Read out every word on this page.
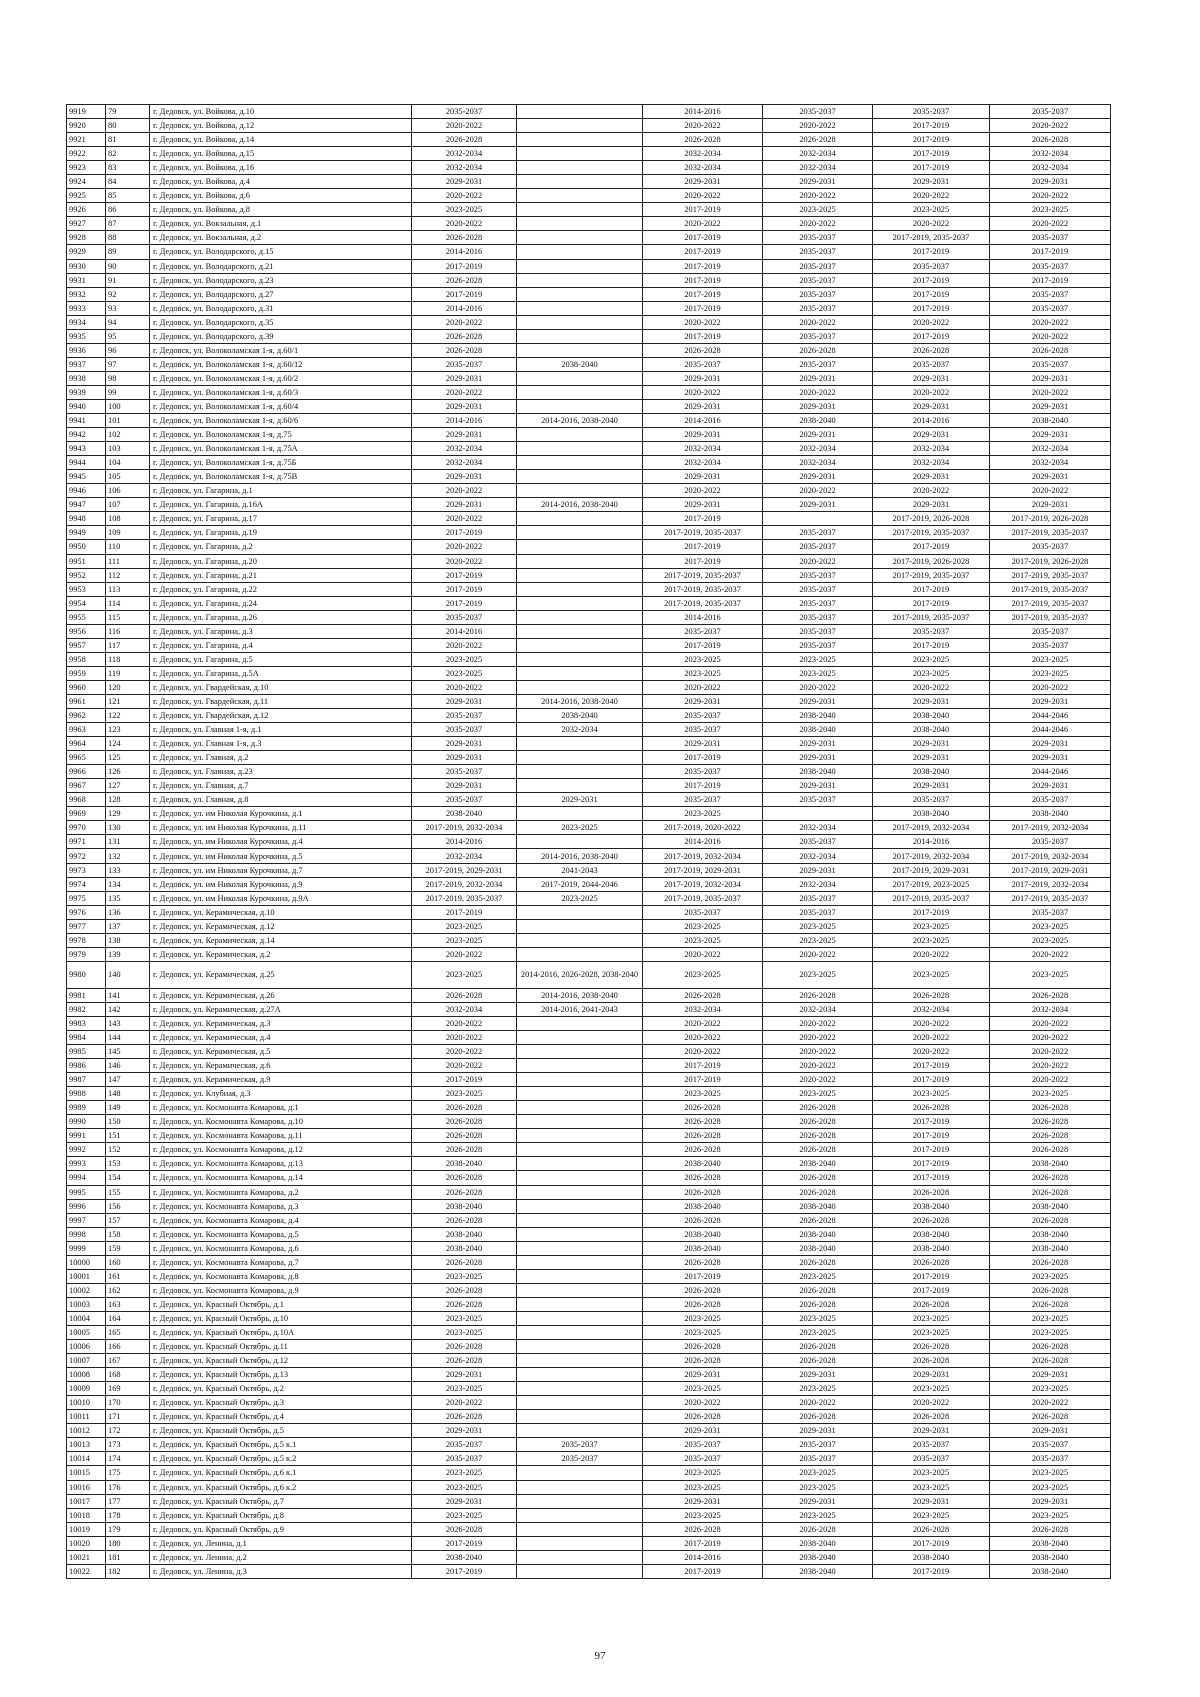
9919	79	г. Дедовск, ул. Войкова, д.10	2035-2037		2014-2016	2035-2037	2035-2037	2035-2037
9920	80	г. Дедовск, ул. Войкова, д.12	2020-2022		2020-2022	2020-2022	2017-2019	2020-2022
9921	81	г. Дедовск, ул. Войкова, д.14	2026-2028		2026-2028	2026-2028	2017-2019	2026-2028
9922	82	г. Дедовск, ул. Войкова, д.15	2032-2034		2032-2034	2032-2034	2017-2019	2032-2034
9923	83	г. Дедовск, ул. Войкова, д.16	2032-2034		2032-2034	2032-2034	2017-2019	2032-2034
9924	84	г. Дедовск, ул. Войкова, д.4	2029-2031		2029-2031	2029-2031	2029-2031	2029-2031
9925	85	г. Дедовск, ул. Войкова, д.6	2020-2022		2020-2022	2020-2022	2020-2022	2020-2022
9926	86	г. Дедовск, ул. Войкова, д.8	2023-2025		2017-2019	2023-2025	2023-2025	2023-2025
9927	87	г. Дедовск, ул. Вокзальная, д.1	2020-2022		2020-2022	2020-2022	2020-2022	2020-2022
9928	88	г. Дедовск, ул. Вокзальная, д.2	2026-2028		2017-2019	2035-2037	2017-2019, 2035-2037	2035-2037
9929	89	г. Дедовск, ул. Володарского, д.15	2014-2016		2017-2019	2035-2037	2017-2019	2017-2019
9930	90	г. Дедовск, ул. Володарского, д.21	2017-2019		2017-2019	2035-2037	2035-2037	2035-2037
9931	91	г. Дедовск, ул. Володарского, д.23	2026-2028		2017-2019	2035-2037	2017-2019	2017-2019
9932	92	г. Дедовск, ул. Володарского, д.27	2017-2019		2017-2019	2035-2037	2017-2019	2035-2037
9933	93	г. Дедовск, ул. Володарского, д.31	2014-2016		2017-2019	2035-2037	2017-2019	2035-2037
9934	94	г. Дедовск, ул. Володарского, д.35	2020-2022		2020-2022	2020-2022	2020-2022	2020-2022
9935	95	г. Дедовск, ул. Володарского, д.39	2026-2028		2017-2019	2035-2037	2017-2019	2020-2022
9936	96	г. Дедовск, ул. Волоколамская 1-я, д.60/1	2026-2028		2026-2028	2026-2028	2026-2028	2026-2028
9937	97	г. Дедовск, ул. Волоколамская 1-я, д.60/12	2035-2037	2038-2040	2035-2037	2035-2037	2035-2037	2035-2037
9938	98	г. Дедовск, ул. Волоколамская 1-я, д.60/2	2029-2031		2029-2031	2029-2031	2029-2031	2029-2031
9939	99	г. Дедовск, ул. Волоколамская 1-я, д.60/3	2020-2022		2020-2022	2020-2022	2020-2022	2020-2022
9940	100	г. Дедовск, ул. Волоколамская 1-я, д.60/4	2029-2031		2029-2031	2029-2031	2029-2031	2029-2031
9941	101	г. Дедовск, ул. Волоколамская 1-я, д.60/6	2014-2016	2014-2016, 2038-2040	2014-2016	2038-2040	2014-2016	2038-2040
9942	102	г. Дедовск, ул. Волоколамская 1-я, д.75	2029-2031		2029-2031	2029-2031	2029-2031	2029-2031
9943	103	г. Дедовск, ул. Волоколамская 1-я, д.75А	2032-2034		2032-2034	2032-2034	2032-2034	2032-2034
9944	104	г. Дедовск, ул. Волоколамская 1-я, д.75Б	2032-2034		2032-2034	2032-2034	2032-2034	2032-2034
9945	105	г. Дедовск, ул. Волоколамская 1-я, д.75В	2029-2031		2029-2031	2029-2031	2029-2031	2029-2031
9946	106	г. Дедовск, ул. Гагарина, д.1	2020-2022		2020-2022	2020-2022	2020-2022	2020-2022
9947	107	г. Дедовск, ул. Гагарина, д.16А	2029-2031	2014-2016, 2038-2040	2029-2031	2029-2031	2029-2031	2029-2031
9948	108	г. Дедовск, ул. Гагарина, д.17	2020-2022		2017-2019		2017-2019, 2026-2028	2017-2019, 2026-2028
9949	109	г. Дедовск, ул. Гагарина, д.19	2017-2019		2017-2019, 2035-2037	2035-2037	2017-2019, 2035-2037	2017-2019, 2035-2037
9950	110	г. Дедовск, ул. Гагарина, д.2	2020-2022		2017-2019	2035-2037	2017-2019	2035-2037
9951	111	г. Дедовск, ул. Гагарина, д.20	2020-2022		2017-2019	2020-2022	2017-2019, 2026-2028	2017-2019, 2026-2028
9952	112	г. Дедовск, ул. Гагарина, д.21	2017-2019		2017-2019, 2035-2037	2035-2037	2017-2019, 2035-2037	2017-2019, 2035-2037
9953	113	г. Дедовск, ул. Гагарина, д.22	2017-2019		2017-2019, 2035-2037	2035-2037	2017-2019	2017-2019, 2035-2037
9954	114	г. Дедовск, ул. Гагарина, д.24	2017-2019		2017-2019, 2035-2037	2035-2037	2017-2019	2017-2019, 2035-2037
9955	115	г. Дедовск, ул. Гагарина, д.26	2035-2037		2014-2016	2035-2037	2017-2019, 2035-2037	2017-2019, 2035-2037
9956	116	г. Дедовск, ул. Гагарина, д.3	2014-2016		2035-2037	2035-2037	2035-2037	2035-2037
9957	117	г. Дедовск, ул. Гагарина, д.4	2020-2022		2017-2019	2035-2037	2017-2019	2035-2037
9958	118	г. Дедовск, ул. Гагарина, д.5	2023-2025		2023-2025	2023-2025	2023-2025	2023-2025
9959	119	г. Дедовск, ул. Гагарина, д.5А	2023-2025		2023-2025	2023-2025	2023-2025	2023-2025
9960	120	г. Дедовск, ул. Гвардейская, д.10	2020-2022		2020-2022	2020-2022	2020-2022	2020-2022
9961	121	г. Дедовск, ул. Гвардейская, д.11	2029-2031	2014-2016, 2038-2040	2029-2031	2029-2031	2029-2031	2029-2031
9962	122	г. Дедовск, ул. Гвардейская, д.12	2035-2037	2038-2040	2035-2037	2038-2040	2038-2040	2044-2046
9963	123	г. Дедовск, ул. Главная 1-я, д.1	2035-2037	2032-2034	2035-2037	2038-2040	2038-2040	2044-2046
9964	124	г. Дедовск, ул. Главная 1-я, д.3	2029-2031		2029-2031	2029-2031	2029-2031	2029-2031
9965	125	г. Дедовск, ул. Главная, д.2	2029-2031		2017-2019	2029-2031	2029-2031	2029-2031
9966	126	г. Дедовск, ул. Главная, д.23	2035-2037		2035-2037	2038-2040	2038-2040	2044-2046
9967	127	г. Дедовск, ул. Главная, д.7	2029-2031		2017-2019	2029-2031	2029-2031	2029-2031
9968	128	г. Дедовск, ул. Главная, д.8	2035-2037	2029-2031	2035-2037	2035-2037	2035-2037	2035-2037
9969	129	г. Дедовск, ул. им Николая Курочкина, д.1	2038-2040		2023-2025		2038-2040	2038-2040
9970	130	г. Дедовск, ул. им Николая Курочкина, д.11	2017-2019, 2032-2034	2023-2025	2017-2019, 2020-2022	2032-2034	2017-2019, 2032-2034	2017-2019, 2032-2034
9971	131	г. Дедовск, ул. им Николая Курочкина, д.4	2014-2016		2014-2016	2035-2037	2014-2016	2035-2037
9972	132	г. Дедовск, ул. им Николая Курочкина, д.5	2032-2034	2014-2016, 2038-2040	2017-2019, 2032-2034	2032-2034	2017-2019, 2032-2034	2017-2019, 2032-2034
9973	133	г. Дедовск, ул. им Николая Курочкина, д.7	2017-2019, 2029-2031	2041-2043	2017-2019, 2029-2031	2029-2031	2017-2019, 2029-2031	2017-2019, 2029-2031
9974	134	г. Дедовск, ул. им Николая Курочкина, д.9	2017-2019, 2032-2034	2017-2019, 2044-2046	2017-2019, 2032-2034	2032-2034	2017-2019, 2023-2025	2017-2019, 2032-2034
9975	135	г. Дедовск, ул. им Николая Курочкина, д.9А	2017-2019, 2035-2037	2023-2025	2017-2019, 2035-2037	2035-2037	2017-2019, 2035-2037	2017-2019, 2035-2037
9976	136	г. Дедовск, ул. Керамическая, д.10	2017-2019		2035-2037	2035-2037	2017-2019	2035-2037
9977	137	г. Дедовск, ул. Керамическая, д.12	2023-2025		2023-2025	2023-2025	2023-2025	2023-2025
9978	138	г. Дедовск, ул. Керамическая, д.14	2023-2025		2023-2025	2023-2025	2023-2025	2023-2025
9979	139	г. Дедовск, ул. Керамическая, д.2	2020-2022		2020-2022	2020-2022	2020-2022	2020-2022
9980	140	г. Дедовск, ул. Керамическая, д.25	2023-2025	2014-2016, 2026-2028, 2038-2040	2023-2025	2023-2025	2023-2025	2023-2025
9981	141	г. Дедовск, ул. Керамическая, д.26	2026-2028	2014-2016, 2038-2040	2026-2028	2026-2028	2026-2028	2026-2028
9982	142	г. Дедовск, ул. Керамическая, д.27А	2032-2034	2014-2016, 2041-2043	2032-2034	2032-2034	2032-2034	2032-2034
9983	143	г. Дедовск, ул. Керамическая, д.3	2020-2022		2020-2022	2020-2022	2020-2022	2020-2022
9984	144	г. Дедовск, ул. Керамическая, д.4	2020-2022		2020-2022	2020-2022	2020-2022	2020-2022
9985	145	г. Дедовск, ул. Керамическая, д.5	2020-2022		2020-2022	2020-2022	2020-2022	2020-2022
9986	146	г. Дедовск, ул. Керамическая, д.6	2020-2022		2017-2019	2020-2022	2017-2019	2020-2022
9987	147	г. Дедовск, ул. Керамическая, д.9	2017-2019		2017-2019	2020-2022	2017-2019	2020-2022
9988	148	г. Дедовск, ул. Клубная, д.3	2023-2025		2023-2025	2023-2025	2023-2025	2023-2025
9989	149	г. Дедовск, ул. Космонавта Комарова, д.1	2026-2028		2026-2028	2026-2028	2026-2028	2026-2028
9990	150	г. Дедовск, ул. Космонавта Комарова, д.10	2026-2028		2026-2028	2026-2028	2017-2019	2026-2028
9991	151	г. Дедовск, ул. Космонавта Комарова, д.11	2026-2028		2026-2028	2026-2028	2017-2019	2026-2028
9992	152	г. Дедовск, ул. Космонавта Комарова, д.12	2026-2028		2026-2028	2026-2028	2017-2019	2026-2028
9993	153	г. Дедовск, ул. Космонавта Комарова, д.13	2038-2040		2038-2040	2038-2040	2017-2019	2038-2040
9994	154	г. Дедовск, ул. Космонавта Комарова, д.14	2026-2028		2026-2028	2026-2028	2017-2019	2026-2028
9995	155	г. Дедовск, ул. Космонавта Комарова, д.2	2026-2028		2026-2028	2026-2028	2026-2028	2026-2028
9996	156	г. Дедовск, ул. Космонавта Комарова, д.3	2038-2040		2038-2040	2038-2040	2038-2040	2038-2040
9997	157	г. Дедовск, ул. Космонавта Комарова, д.4	2026-2028		2026-2028	2026-2028	2026-2028	2026-2028
9998	158	г. Дедовск, ул. Космонавта Комарова, д.5	2038-2040		2038-2040	2038-2040	2038-2040	2038-2040
9999	159	г. Дедовск, ул. Космонавта Комарова, д.6	2038-2040		2038-2040	2038-2040	2038-2040	2038-2040
10000	160	г. Дедовск, ул. Космонавта Комарова, д.7	2026-2028		2026-2028	2026-2028	2026-2028	2026-2028
10001	161	г. Дедовск, ул. Космонавта Комарова, д.8	2023-2025		2017-2019	2023-2025	2017-2019	2023-2025
10002	162	г. Дедовск, ул. Космонавта Комарова, д.9	2026-2028		2026-2028	2026-2028	2017-2019	2026-2028
10003	163	г. Дедовск, ул. Красный Октябрь, д.1	2026-2028		2026-2028	2026-2028	2026-2028	2026-2028
10004	164	г. Дедовск, ул. Красный Октябрь, д.10	2023-2025		2023-2025	2023-2025	2023-2025	2023-2025
10005	165	г. Дедовск, ул. Красный Октябрь, д.10А	2023-2025		2023-2025	2023-2025	2023-2025	2023-2025
10006	166	г. Дедовск, ул. Красный Октябрь, д.11	2026-2028		2026-2028	2026-2028	2026-2028	2026-2028
10007	167	г. Дедовск, ул. Красный Октябрь, д.12	2026-2028		2026-2028	2026-2028	2026-2028	2026-2028
10008	168	г. Дедовск, ул. Красный Октябрь, д.13	2029-2031		2029-2031	2029-2031	2029-2031	2029-2031
10009	169	г. Дедовск, ул. Красный Октябрь, д.2	2023-2025		2023-2025	2023-2025	2023-2025	2023-2025
10010	170	г. Дедовск, ул. Красный Октябрь, д.3	2020-2022		2020-2022	2020-2022	2020-2022	2020-2022
10011	171	г. Дедовск, ул. Красный Октябрь, д.4	2026-2028		2026-2028	2026-2028	2026-2028	2026-2028
10012	172	г. Дедовск, ул. Красный Октябрь, д.5	2029-2031		2029-2031	2029-2031	2029-2031	2029-2031
10013	173	г. Дедовск, ул. Красный Октябрь, д.5 к.1	2035-2037	2035-2037	2035-2037	2035-2037	2035-2037	2035-2037
10014	174	г. Дедовск, ул. Красный Октябрь, д.5 к.2	2035-2037	2035-2037	2035-2037	2035-2037	2035-2037	2035-2037
10015	175	г. Дедовск, ул. Красный Октябрь, д.6 к.1	2023-2025		2023-2025	2023-2025	2023-2025	2023-2025
10016	176	г. Дедовск, ул. Красный Октябрь, д.6 к.2	2023-2025		2023-2025	2023-2025	2023-2025	2023-2025
10017	177	г. Дедовск, ул. Красный Октябрь, д.7	2029-2031		2029-2031	2029-2031	2029-2031	2029-2031
10018	178	г. Дедовск, ул. Красный Октябрь, д.8	2023-2025		2023-2025	2023-2025	2023-2025	2023-2025
10019	179	г. Дедовск, ул. Красный Октябрь, д.9	2026-2028		2026-2028	2026-2028	2026-2028	2026-2028
10020	180	г. Дедовск, ул. Ленина, д.1	2017-2019		2017-2019	2038-2040	2017-2019	2038-2040
10021	181	г. Дедовск, ул. Ленина, д.2	2038-2040		2014-2016	2038-2040	2038-2040	2038-2040
10022	182	г. Дедовск, ул. Ленина, д.3	2017-2019		2017-2019	2038-2040	2017-2019	2038-2040
97
